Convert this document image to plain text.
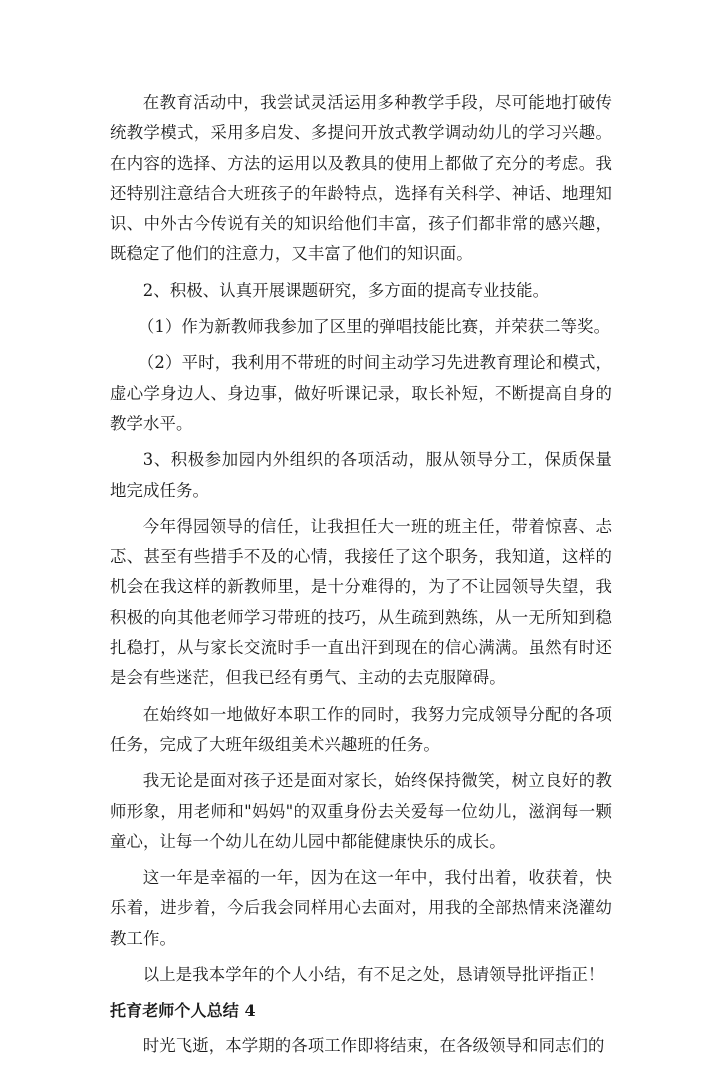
在教育活动中，我尝试灵活运用多种教学手段，尽可能地打破传统教学模式，采用多启发、多提问开放式教学调动幼儿的学习兴趣。在内容的选择、方法的运用以及教具的使用上都做了充分的考虑。我还特别注意结合大班孩子的年龄特点，选择有关科学、神话、地理知识、中外古今传说有关的知识给他们丰富，孩子们都非常的感兴趣，既稳定了他们的注意力，又丰富了他们的知识面。

2、积极、认真开展课题研究，多方面的提高专业技能。

（1）作为新教师我参加了区里的弹唱技能比赛，并荣获二等奖。

（2）平时，我利用不带班的时间主动学习先进教育理论和模式，虚心学身边人、身边事，做好听课记录，取长补短，不断提高自身的教学水平。

3、积极参加园内外组织的各项活动，服从领导分工，保质保量地完成任务。

今年得园领导的信任，让我担任大一班的班主任，带着惊喜、忐忑、甚至有些措手不及的心情，我接任了这个职务，我知道，这样的机会在我这样的新教师里，是十分难得的，为了不让园领导失望，我积极的向其他老师学习带班的技巧，从生疏到熟练，从一无所知到稳扎稳打，从与家长交流时手一直出汗到现在的信心满满。虽然有时还是会有些迷茫，但我已经有勇气、主动的去克服障碍。

在始终如一地做好本职工作的同时，我努力完成领导分配的各项任务，完成了大班年级组美术兴趣班的任务。

我无论是面对孩子还是面对家长，始终保持微笑，树立良好的教师形象，用老师和"妈妈"的双重身份去关爱每一位幼儿，滋润每一颗童心，让每一个幼儿在幼儿园中都能健康快乐的成长。

这一年是幸福的一年，因为在这一年中，我付出着，收获着，快乐着，进步着，今后我会同样用心去面对，用我的全部热情来浇灌幼教工作。

以上是我本学年的个人小结，有不足之处，恳请领导批评指正！

托育老师个人总结 4

时光飞逝，本学期的各项工作即将结束，在各级领导和同志们的
